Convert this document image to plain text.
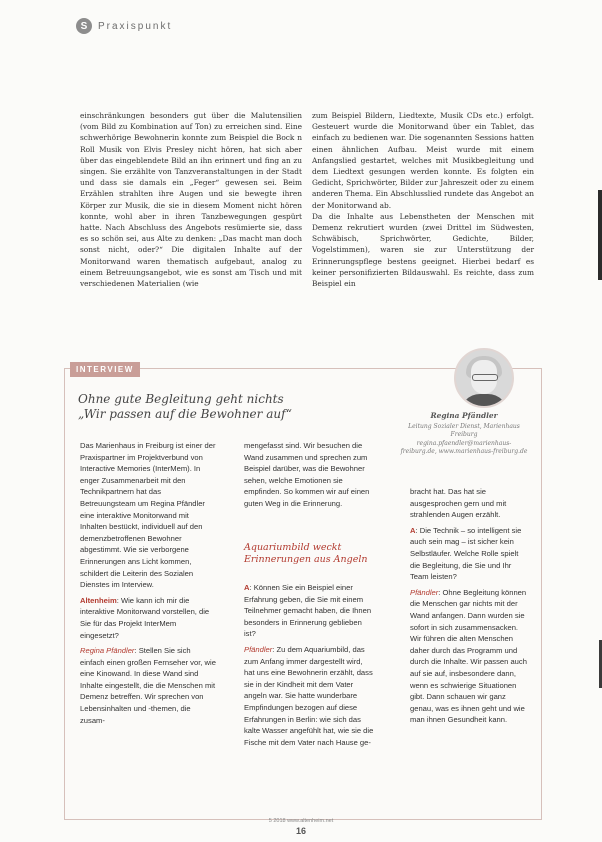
S	Praxispunkt

einschränkungen besonders gut über die Malutensilien (vom Bild zu Kombination auf Ton) zu erreichen sind. Eine schwerhörige Bewohnerin konnte zum Beispiel die Bock n Roll Musik von Elvis Presley nicht hören, hat sich aber über das eingeblendete Bild an ihn erinnert und fing an zu singen. Sie erzählte von Tanzveranstaltungen in der Stadt und dass sie damals ein „Feger“ gewesen sei. Beim Erzählen strahlten ihre Augen und sie bewegte ihren Körper zur Musik, die sie in diesem Moment nicht hören konnte, wohl aber in ihren Tanzbewegungen gespürt hatte. Nach Abschluss des Angebots resümierte sie, dass es so schön sei, aus Alte zu denken: „Das macht man doch sonst nicht, oder?“ Die digitalen Inhalte auf der Monitorwand waren thematisch aufgebaut, analog zu einem Betreuungsangebot, wie es sonst am Tisch und mit verschiedenen Materialien (wie

zum Beispiel Bildern, Liedtexte, Musik CDs etc.) erfolgt. Gesteuert wurde die Monitorwand über ein Tablet, das einfach zu bedienen war. Die sogenannten Sessions hatten einen ähnlichen Aufbau. Meist wurde mit einem Anfangslied gestartet, welches mit Musikbegleitung und dem Liedtext gesungen werden konnte. Es folgten ein Gedicht, Sprichwörter, Bilder zur Jahreszeit oder zu einem anderen Thema. Ein Abschlusslied rundete das Angebot an der Monitorwand ab.

Da die Inhalte aus Lebenstheten der Menschen mit Demenz rekrutiert wurden (zwei Drittel im Südwesten, Schwäbisch, Sprichwörter, Gedichte, Bilder, Vogelstimmen), waren sie zur Unterstützung der Erinnerungspflege bestens geeignet. Hierbei bedarf es keiner personifizierten Bildauswahl. Es reichte, dass zum Beispiel ein

INTERVIEW
Ohne gute Begleitung geht nichts
„Wir passen auf die Bewohner auf“	Regina Pfändler
Leitung Sozialer Dienst, Marienhaus Freiburg
regina.pfaendler@marienhaus-freiburg.de, www.marienhaus-freiburg.de

Das Marienhaus in Freiburg ist einer der Praxispartner im Projektverbund von Interactive Memories (InterMem). In enger Zusammenarbeit mit den Technikpartnern hat das Betreuungsteam um Regina Pfändler eine interaktive Monitorwand mit Inhalten bestückt, individuell auf den demenzbetroffenen Bewohner abgestimmt. Wie sie verborgene Erinnerungen ans Licht kommen, schildert die Leiterin des Sozialen Dienstes im Interview.

Altenheim: Wie kann ich mir die interaktive Monitorwand vorstellen, die Sie für das Projekt InterMem eingesetzt?

Regina Pfändler: Stellen Sie sich einfach einen großen Fernseher vor, wie eine Kinowand. In diese Wand sind Inhalte eingestellt, die die Menschen mit Demenz betreffen. Wir sprechen von Lebensinhalten und -themen, die zusam-

mengefasst sind. Wir besuchen die Wand zusammen und sprechen zum Beispiel darüber, was die Bewohner sehen, welche Emotionen sie empfinden. So kommen wir auf einen guten Weg in die Erinnerung.

Aquariumbild weckt Erinnerungen aus Angeln

A: Können Sie ein Beispiel einer Erfahrung geben, die Sie mit einem Teilnehmer gemacht haben, die Ihnen besonders in Erinnerung geblieben ist?

Pfändler: Zu dem Aquariumbild, das zum Anfang immer dargestellt wird, hat uns eine Bewohnerin erzählt, dass sie in der Kindheit mit dem Vater angeln war. Sie hatte wunderbare Empfindungen bezogen auf diese Erfahrungen in Berlin: wie sich das kalte Wasser angefühlt hat, wie sie die Fische mit dem Vater nach Hause ge-

bracht hat. Das hat sie ausgesprochen gern und mit strahlenden Augen erzählt.

A: Die Technik – so intelligent sie auch sein mag – ist sicher kein Selbstläufer. Welche Rolle spielt die Begleitung, die Sie und Ihr Team leisten?

Pfändler: Ohne Begleitung können die Menschen gar nichts mit der Wand anfangen. Dann wurden sie sofort in sich zusammensacken. Wir führen die alten Menschen daher durch das Programm und durch die Inhalte. Wir passen auch auf sie auf, insbesondere dann, wenn es schwierige Situationen gibt. Dann schauen wir ganz genau, was es ihnen geht und wie man ihnen Gesundheit kann.

5 2018 www.altenheim.net
16
